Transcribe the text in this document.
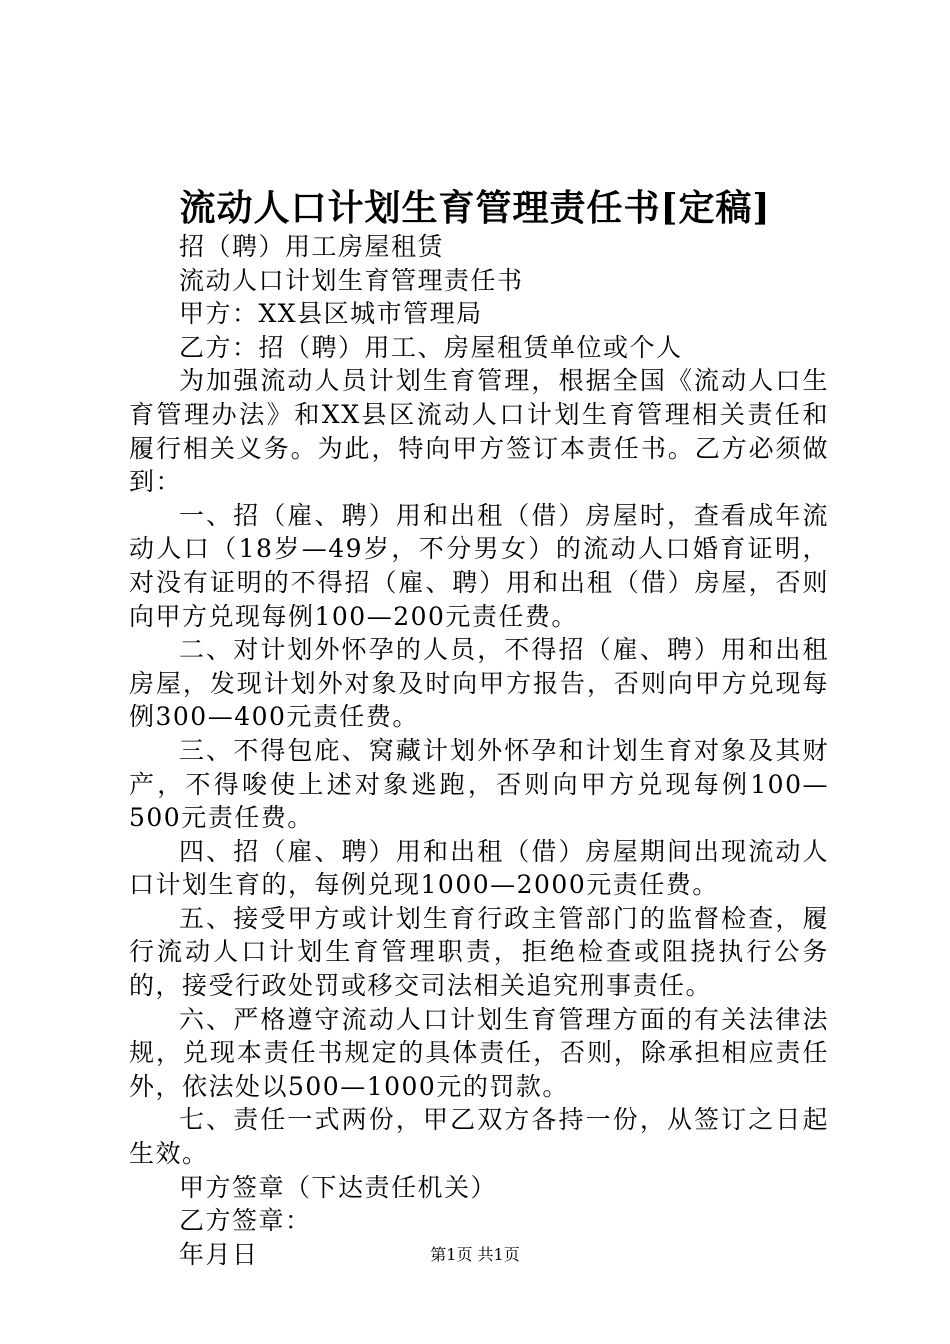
流动人口计划生育管理责任书[定稿]

招（聘）用工房屋租赁

流动人口计划生育管理责任书

甲方：XX县区城市管理局

乙方：招（聘）用工、房屋租赁单位或个人

为加强流动人员计划生育管理，根据全国《流动人口生育管理办法》和XX县区流动人口计划生育管理相关责任和履行相关义务。为此，特向甲方签订本责任书。乙方必须做到：

一、招（雇、聘）用和出租（借）房屋时，查看成年流动人口（18岁—49岁，不分男女）的流动人口婚育证明，对没有证明的不得招（雇、聘）用和出租（借）房屋，否则向甲方兑现每例100—200元责任费。

二、对计划外怀孕的人员，不得招（雇、聘）用和出租房屋，发现计划外对象及时向甲方报告，否则向甲方兑现每例300—400元责任费。

三、不得包庇、窝藏计划外怀孕和计划生育对象及其财产，不得唆使上述对象逃跑，否则向甲方兑现每例100—500元责任费。

四、招（雇、聘）用和出租（借）房屋期间出现流动人口计划生育的，每例兑现1000—2000元责任费。

五、接受甲方或计划生育行政主管部门的监督检查，履行流动人口计划生育管理职责，拒绝检查或阻挠执行公务的，接受行政处罚或移交司法相关追究刑事责任。

六、严格遵守流动人口计划生育管理方面的有关法律法规，兑现本责任书规定的具体责任，否则，除承担相应责任外，依法处以500—1000元的罚款。

七、责任一式两份，甲乙双方各持一份，从签订之日起生效。

甲方签章（下达责任机关）

乙方签章：

年月日	第1页 共1页
